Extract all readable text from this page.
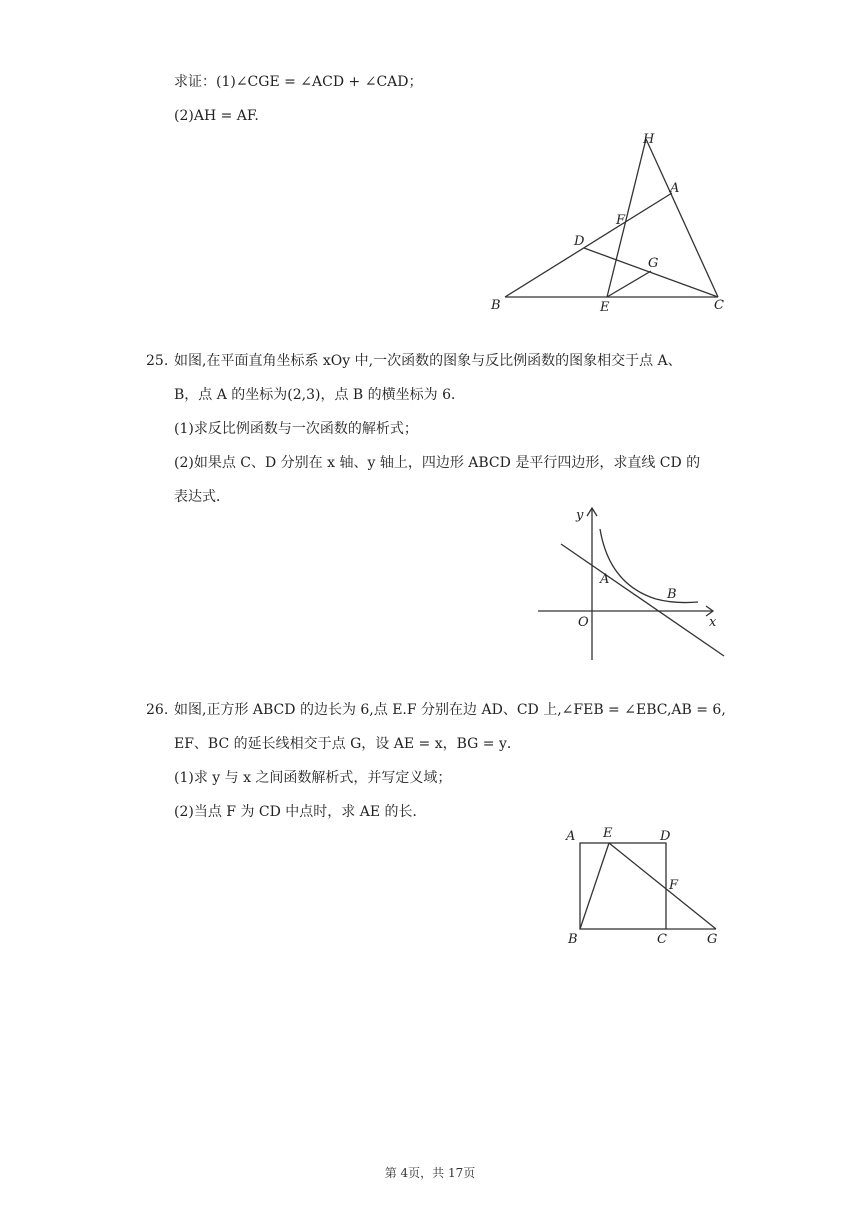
求证：(1)∠CGE = ∠ACD + ∠CAD；
(2)AH = AF.
H
A
F
D
G
B	E	C
25. 如图,在平面直角坐标系 xOy 中,一次函数的图象与反比例函数的图象相交于点 A、
B，点 A 的坐标为(2,3)，点 B 的横坐标为 6．
(1)求反比例函数与一次函数的解析式；
(2)如果点 C、D 分别在 x 轴、y 轴上，四边形 ABCD 是平行四边形，求直线 CD 的
表达式．
y
A
B
O	x
26. 如图,正方形 ABCD 的边长为 6,点 E.F 分别在边 AD、CD 上,∠FEB = ∠EBC,AB = 6,
EF、BC 的延长线相交于点 G，设 AE = x，BG = y．
(1)求 y 与 x 之间函数解析式，并写定义域；
(2)当点 F 为 CD 中点时，求 AE 的长．
A E	D
F
B	C	G
第 4页，共 17页
